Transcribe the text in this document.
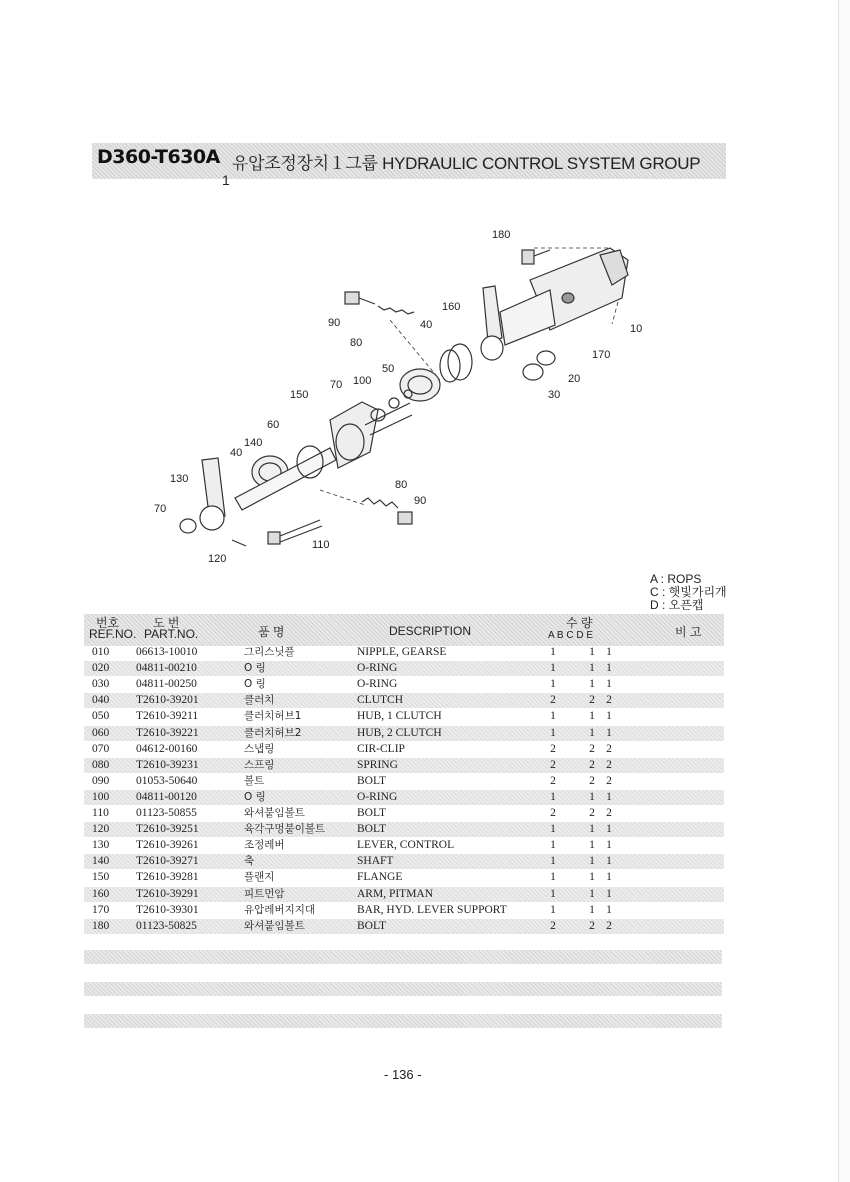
D360-T630A 유압조정장치１그룹 HYDRAULIC CONTROL SYSTEM GROUP
1
180
160
90
80
40	10
170
20
30
50
100
70
150
60
140
40
130
70
80
90
110
120
A : ROPS
C : 햇빛가리개
D : 오픈캡
번호
REF.NO.
도 번
PART.NO.	품 명	DESCRIPTION
수 량
A B C D E	비 고
010 06613-10010	그리스닛플	NIPPLE, GEARSE	1	1 1
020 04811-00210	O 링	O-RING	1	1 1
030 04811-00250	O 링	O-RING	1	1 1
040 T2610-39201	클러치	CLUTCH	2	2 2
050 T2610-39211	클러치허브1	HUB, 1 CLUTCH	1	1 1
060 T2610-39221	클러치허브2	HUB, 2 CLUTCH	1	1 1
070 04612-00160	스냅링	CIR-CLIP	2	2 2
080 T2610-39231	스프링	SPRING	2	2 2
090 01053-50640	볼트	BOLT	2	2 2
100 04811-00120	O 링	O-RING	1	1 1
110 01123-50855	와셔붙임볼트	BOLT	2	2 2
120 T2610-39251	육각구멍붙이볼트	BOLT	1	1 1
130 T2610-39261	조정레버	LEVER, CONTROL	1	1 1
140 T2610-39271	축	SHAFT	1	1 1
150 T2610-39281	플랜지	FLANGE	1	1 1
160 T2610-39291	피트먼암	ARM, PITMAN	1	1 1
170 T2610-39301	유압레버지지대	BAR, HYD. LEVER SUPPORT	1	1 1
180 01123-50825	와셔붙임볼트	BOLT	2	2 2
- 136 -
